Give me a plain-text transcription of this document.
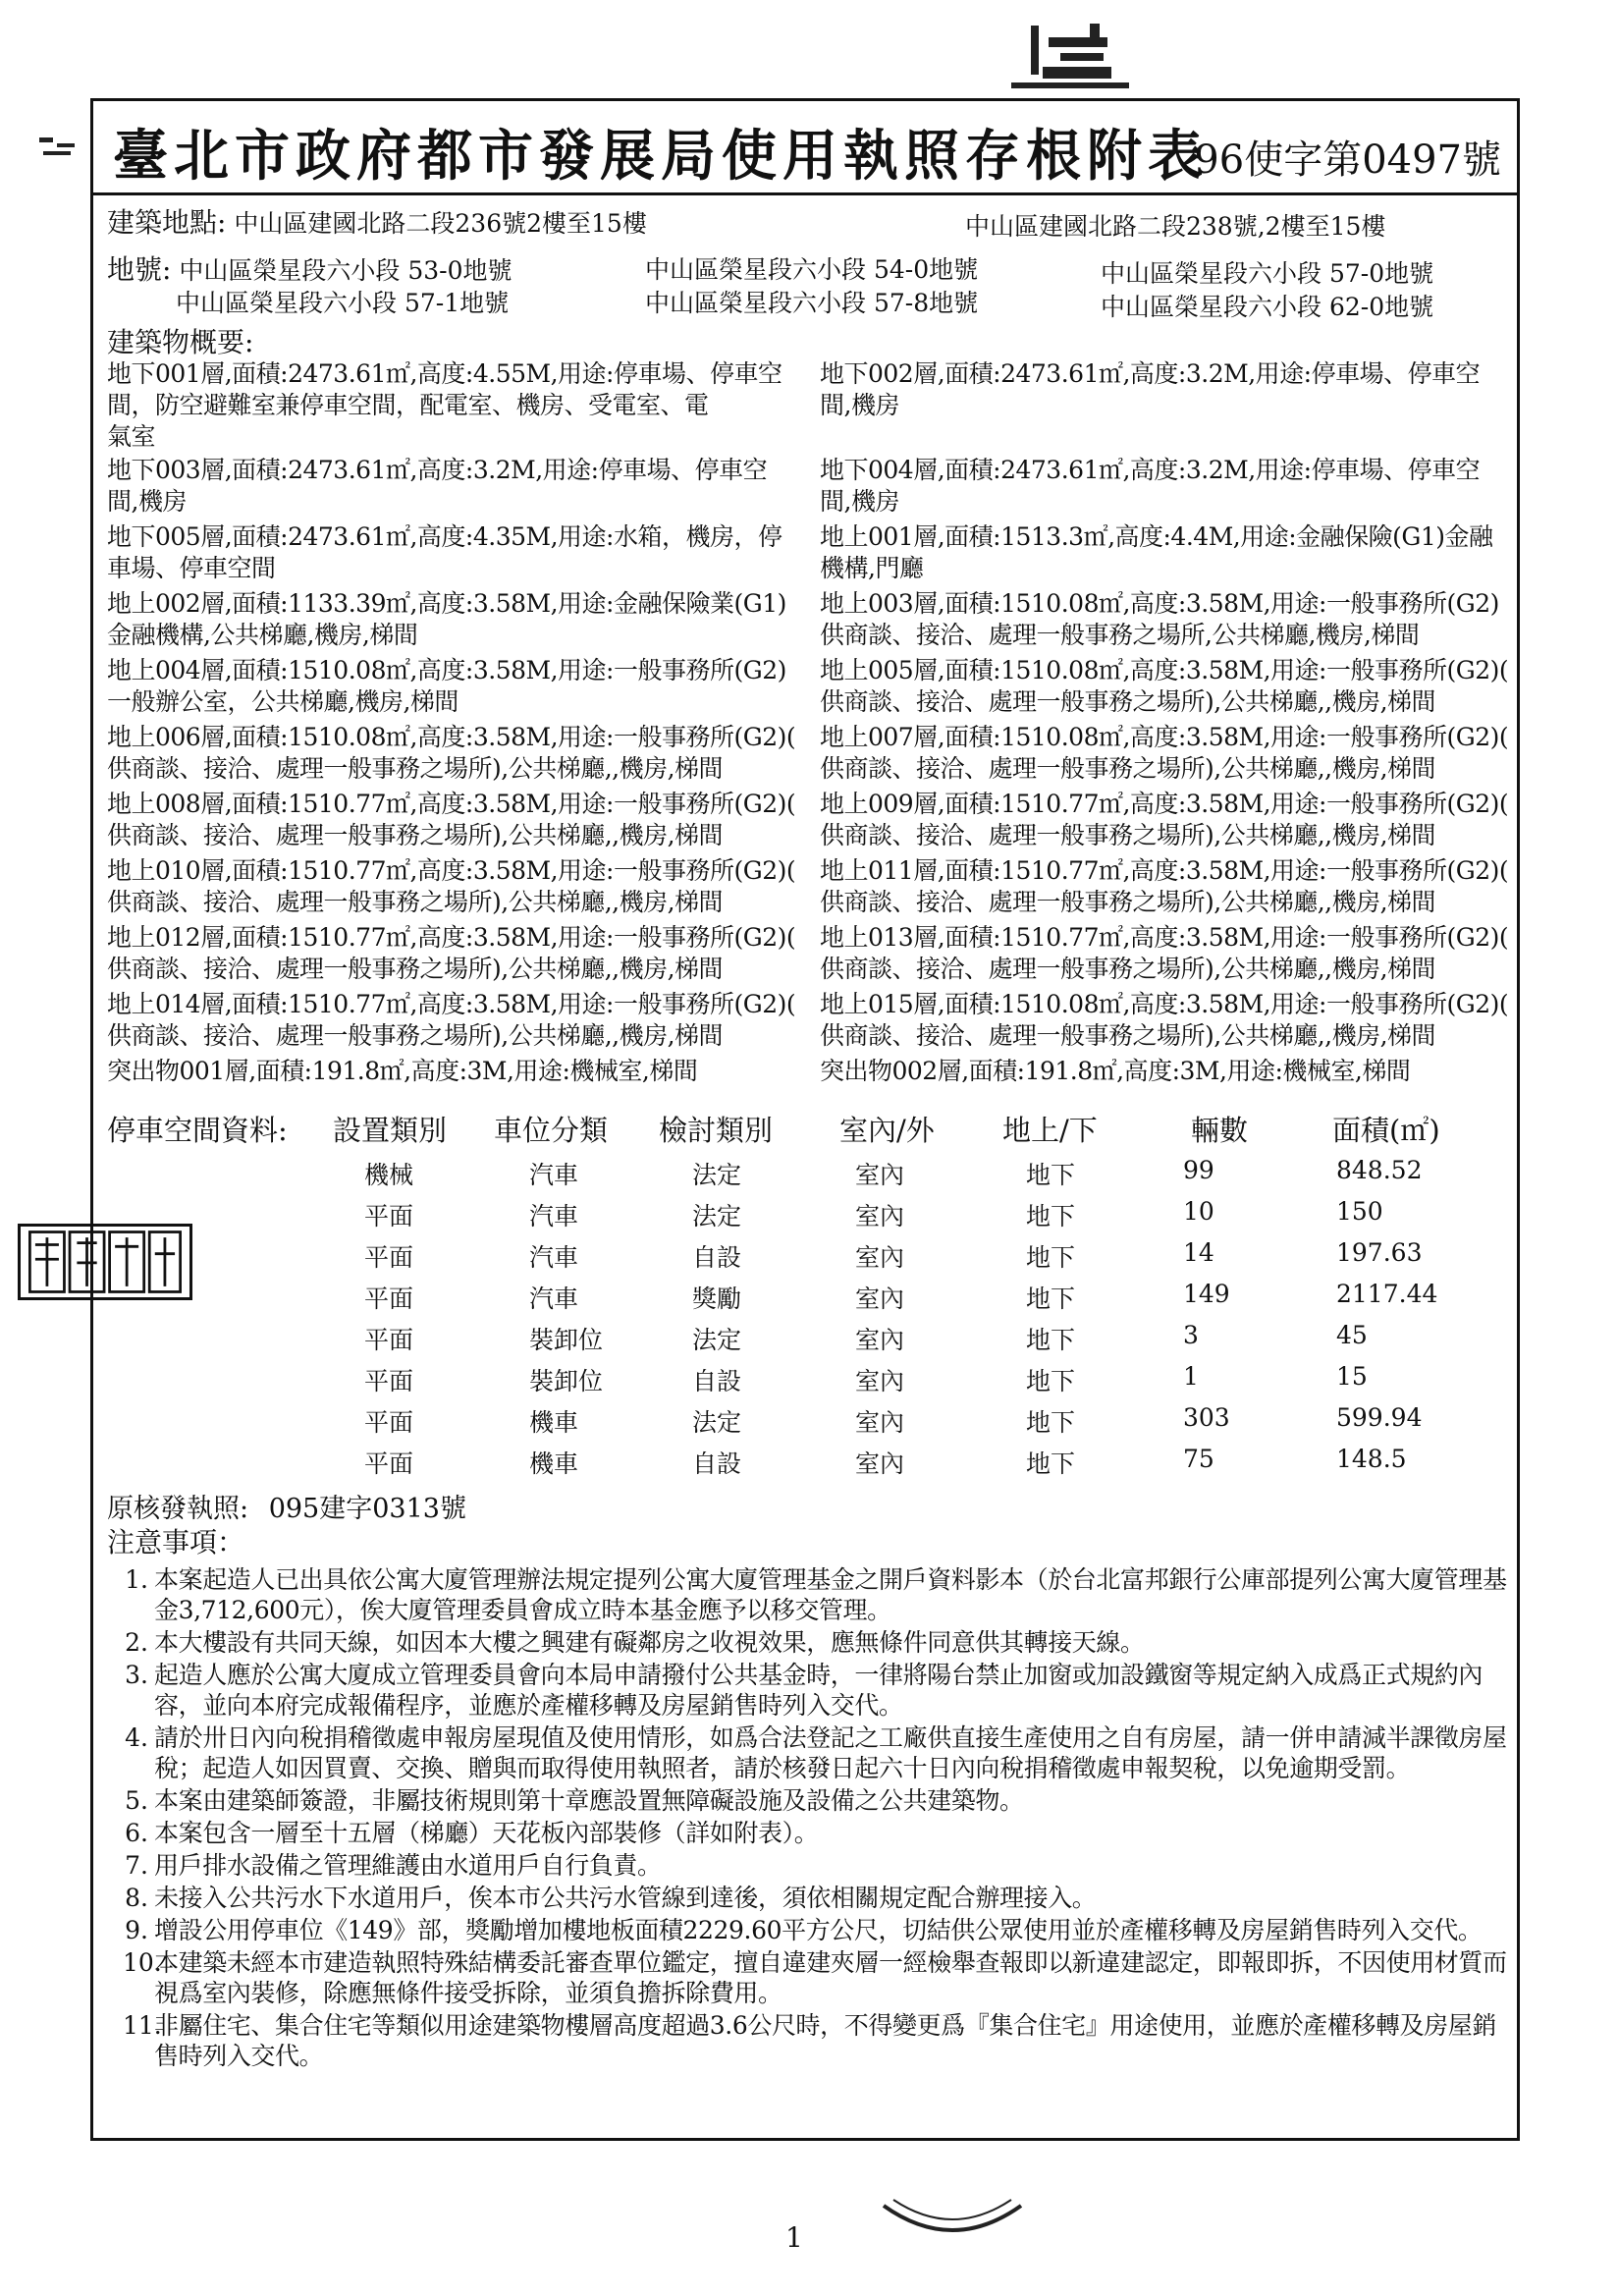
臺北市政府都市發展局使用執照存根附表
96使字第0497號
建築地點: 中山區建國北路二段236號2樓至15樓	中山區建國北路二段238號,2樓至15樓
地號: 中山區榮星段六小段 53-0地號	中山區榮星段六小段 54-0地號	中山區榮星段六小段 57-0地號
中山區榮星段六小段 57-1地號	中山區榮星段六小段 57-8地號	中山區榮星段六小段 62-0地號
建築物概要:
地下001層,面積:2473.61㎡,高度:4.55M,用途:停車場、停車空
間，防空避難室兼停車空間，配電室、機房、受電室、電
氣室
地下003層,面積:2473.61㎡,高度:3.2M,用途:停車場、停車空
間,機房
地下005層,面積:2473.61㎡,高度:4.35M,用途:水箱，機房，停
車場、停車空間
地上002層,面積:1133.39㎡,高度:3.58M,用途:金融保險業(G1)
金融機構,公共梯廳,機房,梯間
地上004層,面積:1510.08㎡,高度:3.58M,用途:一般事務所(G2)
一般辦公室，公共梯廳,機房,梯間
地上006層,面積:1510.08㎡,高度:3.58M,用途:一般事務所(G2)(
供商談、接洽、處理一般事務之場所),公共梯廳,,機房,梯間
地上008層,面積:1510.77㎡,高度:3.58M,用途:一般事務所(G2)(
供商談、接洽、處理一般事務之場所),公共梯廳,,機房,梯間
地上010層,面積:1510.77㎡,高度:3.58M,用途:一般事務所(G2)(
供商談、接洽、處理一般事務之場所),公共梯廳,,機房,梯間
地上012層,面積:1510.77㎡,高度:3.58M,用途:一般事務所(G2)(
供商談、接洽、處理一般事務之場所),公共梯廳,,機房,梯間
地上014層,面積:1510.77㎡,高度:3.58M,用途:一般事務所(G2)(
供商談、接洽、處理一般事務之場所),公共梯廳,,機房,梯間
突出物001層,面積:191.8㎡,高度:3M,用途:機械室,梯間
地下002層,面積:2473.61㎡,高度:3.2M,用途:停車場、停車空
間,機房
地下004層,面積:2473.61㎡,高度:3.2M,用途:停車場、停車空
間,機房
地上001層,面積:1513.3㎡,高度:4.4M,用途:金融保險(G1)金融
機構,門廳
地上003層,面積:1510.08㎡,高度:3.58M,用途:一般事務所(G2)
供商談、接洽、處理一般事務之場所,公共梯廳,機房,梯間
地上005層,面積:1510.08㎡,高度:3.58M,用途:一般事務所(G2)(
供商談、接洽、處理一般事務之場所),公共梯廳,,機房,梯間
地上007層,面積:1510.08㎡,高度:3.58M,用途:一般事務所(G2)(
供商談、接洽、處理一般事務之場所),公共梯廳,,機房,梯間
地上009層,面積:1510.77㎡,高度:3.58M,用途:一般事務所(G2)(
供商談、接洽、處理一般事務之場所),公共梯廳,,機房,梯間
地上011層,面積:1510.77㎡,高度:3.58M,用途:一般事務所(G2)(
供商談、接洽、處理一般事務之場所),公共梯廳,,機房,梯間
地上013層,面積:1510.77㎡,高度:3.58M,用途:一般事務所(G2)(
供商談、接洽、處理一般事務之場所),公共梯廳,,機房,梯間
地上015層,面積:1510.08㎡,高度:3.58M,用途:一般事務所(G2)(
供商談、接洽、處理一般事務之場所),公共梯廳,,機房,梯間
突出物002層,面積:191.8㎡,高度:3M,用途:機械室,梯間
停車空間資料: 設置類別 車位分類 檢討類別 室內/外 地上/下	輛數	面積(㎡)
機械	汽車	法定	室內	地下	99	848.52
平面	汽車	法定	室內	地下	10	150
平面	汽車	自設	室內	地下	14	197.63
平面	汽車	獎勵	室內	地下	149	2117.44
平面	裝卸位	法定	室內	地下	3	45
平面	裝卸位	自設	室內	地下	1	15
平面	機車	法定	室內	地下	303	599.94
平面	機車	自設	室內	地下	75	148.5
原核發執照: 095建字0313號
注意事項：
1. 本案起造人已出具依公寓大廈管理辦法規定提列公寓大廈管理基金之開戶資料影本（於台北富邦銀行公庫部提列公寓大廈管理基金3,712,600元），俟大廈管理委員會成立時本基金應予以移交管理。
2. 本大樓設有共同天線，如因本大樓之興建有礙鄰房之收視效果，應無條件同意供其轉接天線。
3. 起造人應於公寓大廈成立管理委員會向本局申請撥付公共基金時，一律將陽台禁止加窗或加設鐵窗等規定納入成爲正式規約內容，並向本府完成報備程序，並應於產權移轉及房屋銷售時列入交代。
4. 請於卅日內向稅捐稽徵處申報房屋現值及使用情形，如爲合法登記之工廠供直接生產使用之自有房屋，請一併申請減半課徵房屋稅；起造人如因買賣、交換、贈與而取得使用執照者，請於核發日起六十日內向稅捐稽徵處申報契稅，以免逾期受罰。
5. 本案由建築師簽證，非屬技術規則第十章應設置無障礙設施及設備之公共建築物。
6. 本案包含一層至十五層（梯廳）天花板內部裝修（詳如附表）。
7. 用戶排水設備之管理維護由水道用戶自行負責。
8. 未接入公共污水下水道用戶，俟本市公共污水管線到達後，須依相關規定配合辦理接入。
9. 增設公用停車位《149》部，獎勵增加樓地板面積2229.60平方公尺，切結供公眾使用並於產權移轉及房屋銷售時列入交代。
10.
本建築未經本市建造執照特殊結構委託審查單位鑑定，擅自違建夾層一經檢舉查報即以新違建認定，即報即拆，不因使用材質而視爲室內裝修，除應無條件接受拆除，並須負擔拆除費用。
11.
非屬住宅、集合住宅等類似用途建築物樓層高度超過3.6公尺時，不得變更爲『集合住宅』用途使用，並應於產權移轉及房屋銷售時列入交代。
1
